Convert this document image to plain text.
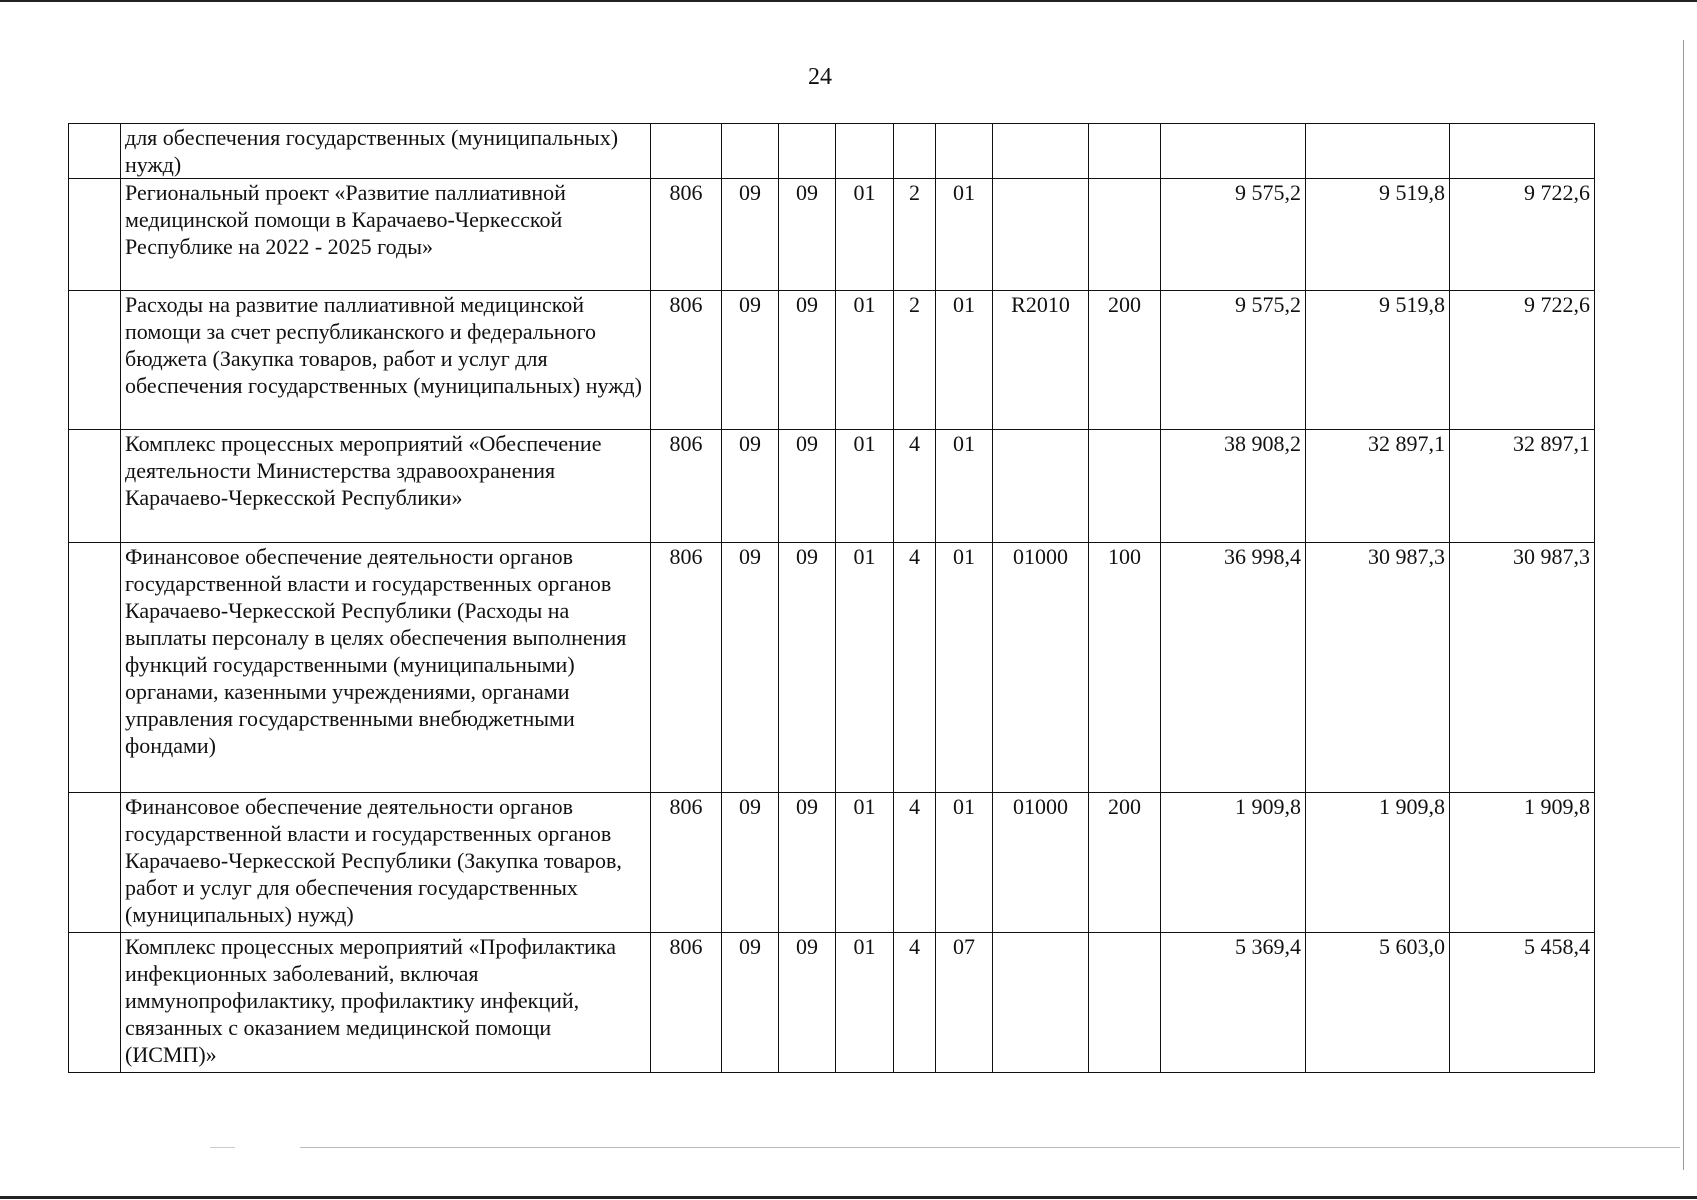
24
	для обеспечения государственных (муниципальных) нужд)											
	Региональный проект «Развитие паллиативной медицинской помощи в Карачаево-Черкесской Республике на 2022 - 2025 годы»	806	09	09	01	2	01			9 575,2	9 519,8	9 722,6
	Расходы на развитие паллиативной медицинской помощи за счет республиканского и федерального бюджета (Закупка товаров, работ и услуг для обеспечения государственных (муниципальных) нужд)	806	09	09	01	2	01	R2010	200	9 575,2	9 519,8	9 722,6
	Комплекс процессных мероприятий «Обеспечение деятельности Министерства здравоохранения Карачаево-Черкесской Республики»	806	09	09	01	4	01			38 908,2	32 897,1	32 897,1
	Финансовое обеспечение деятельности органов государственной власти и государственных органов Карачаево-Черкесской Республики (Расходы на выплаты персоналу в целях обеспечения выполнения функций государственными (муниципальными) органами, казенными учреждениями, органами управления государственными внебюджетными фондами)	806	09	09	01	4	01	01000	100	36 998,4	30 987,3	30 987,3
	Финансовое обеспечение деятельности органов государственной власти и государственных органов Карачаево-Черкесской Республики (Закупка товаров, работ и услуг для обеспечения государственных (муниципальных) нужд)	806	09	09	01	4	01	01000	200	1 909,8	1 909,8	1 909,8
	Комплекс процессных мероприятий «Профилактика инфекционных заболеваний, включая иммунопрофилактику, профилактику инфекций, связанных с оказанием медицинской помощи (ИСМП)»	806	09	09	01	4	07			5 369,4	5 603,0	5 458,4
